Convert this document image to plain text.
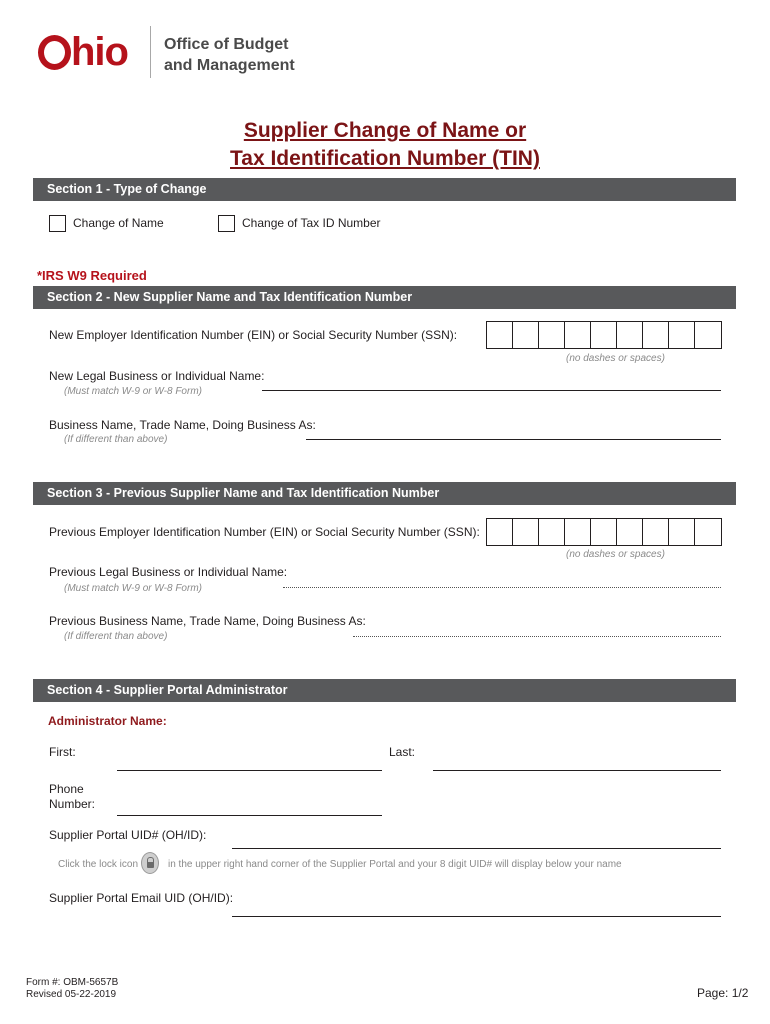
hio Office of Budget
and Management
Supplier Change of Name or
Tax Identification Number (TIN)
Section 1 - Type of Change
Change of Name	Change of Tax ID Number
*IRS W9 Required
Section 2 - New Supplier Name and Tax Identification Number
New Employer Identification Number (EIN) or Social Security Number (SSN):
(no dashes or spaces)
New Legal Business or Individual Name:
(Must match W-9 or W-8 Form)
Business Name, Trade Name, Doing Business As:
(If different than above)
Section 3 - Previous Supplier Name and Tax Identification Number
Previous Employer Identification Number (EIN) or Social Security Number (SSN):
(no dashes or spaces)
Previous Legal Business or Individual Name:
(Must match W-9 or W-8 Form)
Previous Business Name, Trade Name, Doing Business As:
(If different than above)
Section 4 - Supplier Portal Administrator
Administrator Name:
First:	Last:
Phone
Number:
Supplier Portal UID# (OH/ID):
Click the lock icon	in the upper right hand corner of the Supplier Portal and your 8 digit UID# will display below your name
Supplier Portal Email UID (OH/ID):
Form #: OBM-5657B
Revised 05-22-2019	Page: 1/2
